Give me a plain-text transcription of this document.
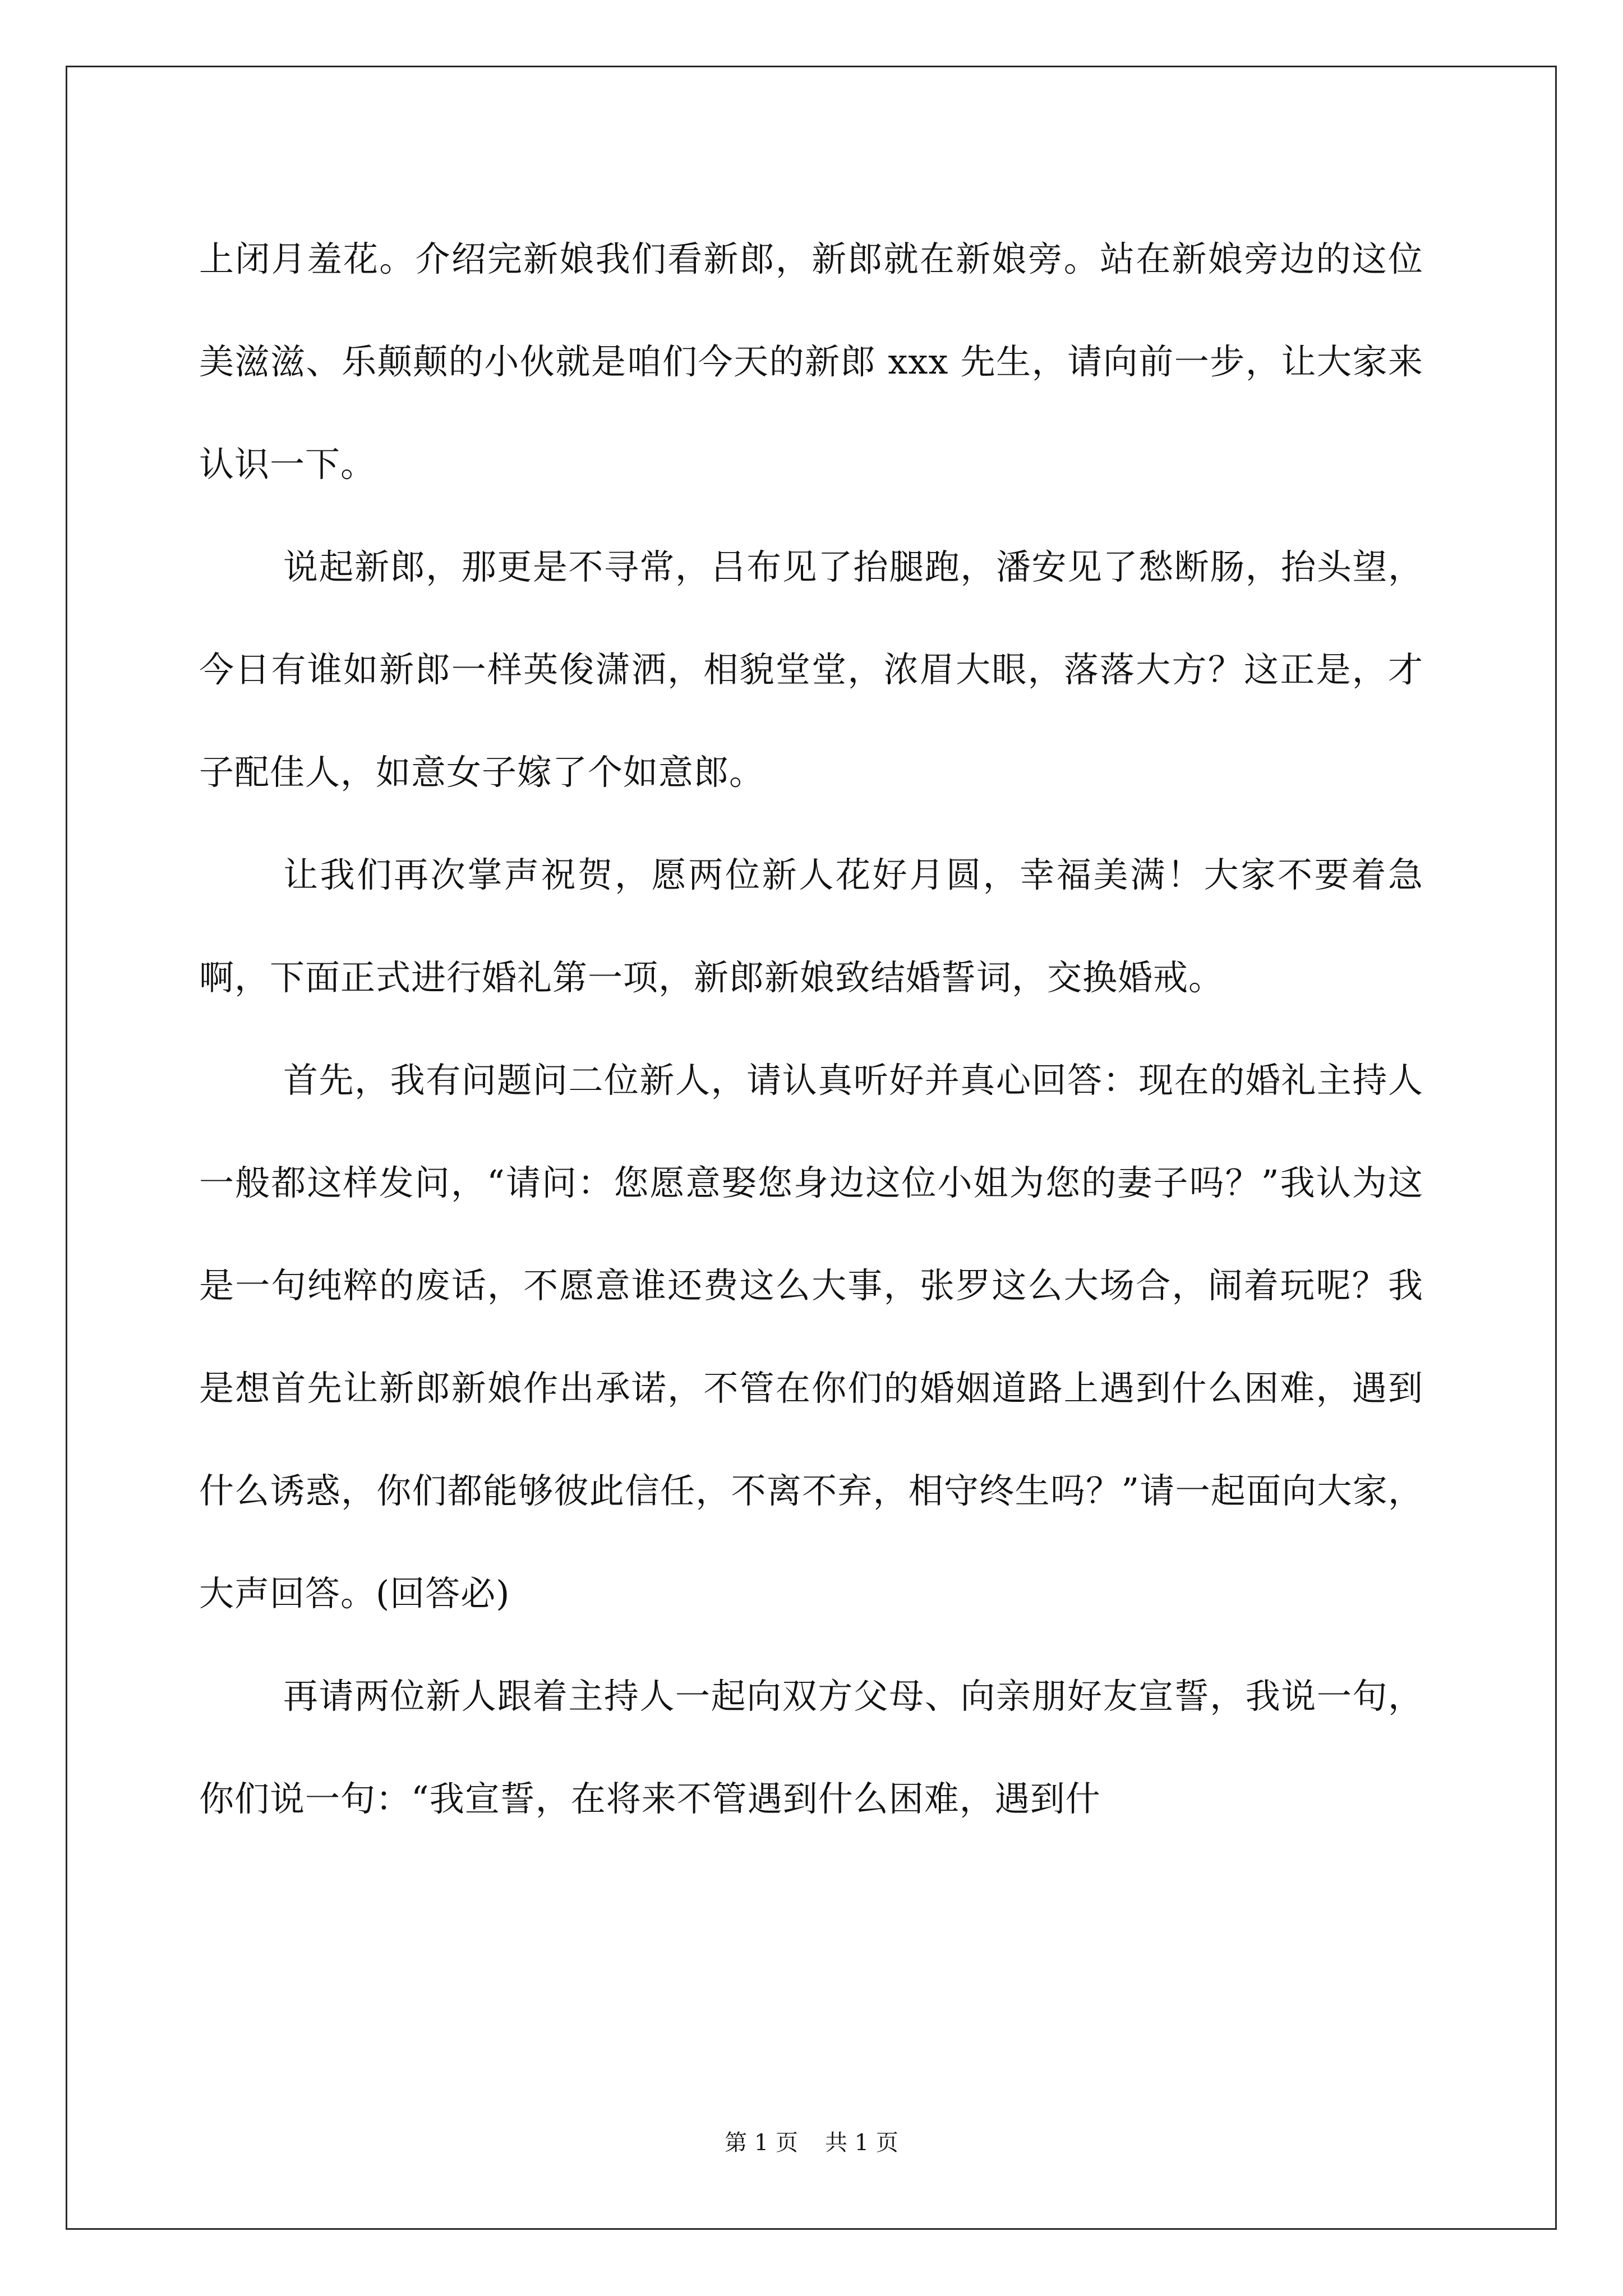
上闭月羞花。介绍完新娘我们看新郎，新郎就在新娘旁。站在新娘旁边的这位美滋滋、乐颠颠的小伙就是咱们今天的新郎 xxx 先生，请向前一步，让大家来认识一下。

说起新郎，那更是不寻常，吕布见了抬腿跑，潘安见了愁断肠，抬头望，今日有谁如新郎一样英俊潇洒，相貌堂堂，浓眉大眼，落落大方？这正是，才子配佳人，如意女子嫁了个如意郎。

让我们再次掌声祝贺，愿两位新人花好月圆，幸福美满！大家不要着急啊，下面正式进行婚礼第一项，新郎新娘致结婚誓词，交换婚戒。

首先，我有问题问二位新人，请认真听好并真心回答：现在的婚礼主持人一般都这样发问，“请问：您愿意娶您身边这位小姐为您的妻子吗？”我认为这是一句纯粹的废话，不愿意谁还费这么大事，张罗这么大场合，闹着玩呢？我是想首先让新郎新娘作出承诺，不管在你们的婚姻道路上遇到什么困难，遇到什么诱惑，你们都能够彼此信任，不离不弃，相守终生吗？”请一起面向大家，大声回答。(回答必)

再请两位新人跟着主持人一起向双方父母、向亲朋好友宣誓，我说一句，你们说一句：“我宣誓，在将来不管遇到什么困难，遇到什

第 1 页 共 1 页
